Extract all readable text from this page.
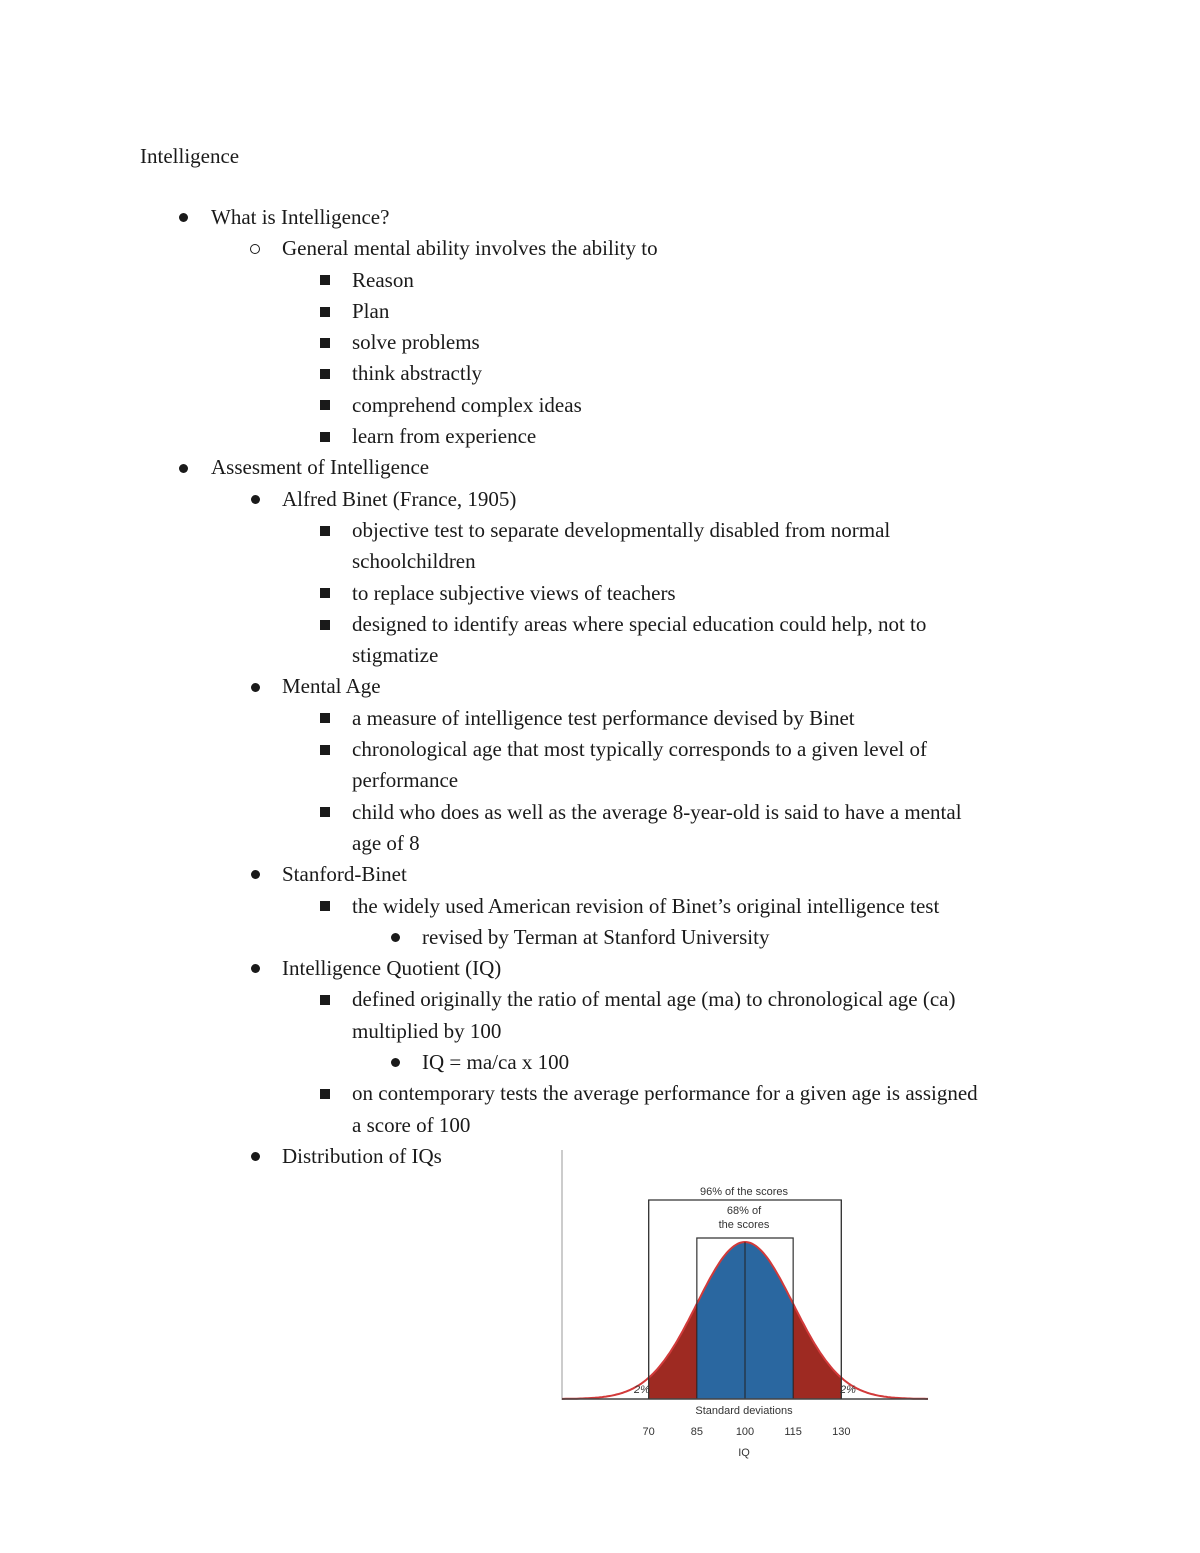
Intelligence
What is Intelligence?
General mental ability involves the ability to
Reason
Plan
solve problems
think abstractly
comprehend complex ideas
learn from experience
Assesment of Intelligence
Alfred Binet (France, 1905)
objective test to separate developmentally disabled from normal
schoolchildren
to replace subjective views of teachers
designed to identify areas where special education could help, not to
stigmatize
Mental Age
a measure of intelligence test performance devised by Binet
chronological age that most typically corresponds to a given level of
performance
child who does as well as the average 8-year-old is said to have a mental
age of 8
Stanford-Binet
the widely used American revision of Binet’s original intelligence test
revised by Terman at Stanford University
Intelligence Quotient (IQ)
defined originally the ratio of mental age (ma) to chronological age (ca)
multiplied by 100
IQ = ma/ca x 100
on contemporary tests the average performance for a given age is assigned
a score of 100
Distribution of IQs
96% of the scores
68% of
the scores
2%	2%
Standard deviations
70	85	100	115	130
IQ
